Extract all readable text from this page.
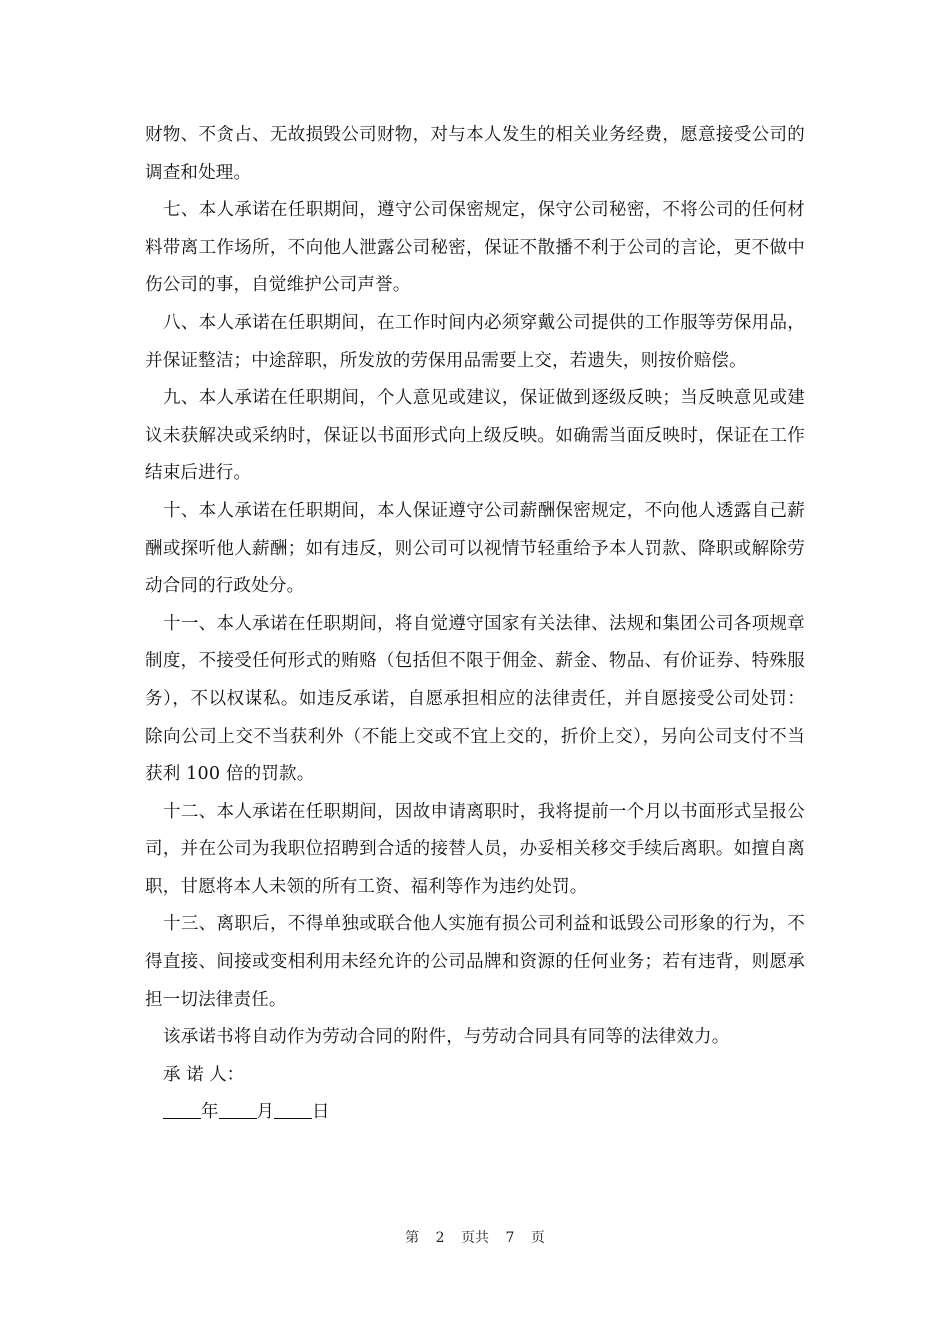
财物、不贪占、无故损毁公司财物，对与本人发生的相关业务经费，愿意接受公司的调查和处理。

七、本人承诺在任职期间，遵守公司保密规定，保守公司秘密，不将公司的任何材料带离工作场所，不向他人泄露公司秘密，保证不散播不利于公司的言论，更不做中伤公司的事，自觉维护公司声誉。

八、本人承诺在任职期间，在工作时间内必须穿戴公司提供的工作服等劳保用品，并保证整洁；中途辞职，所发放的劳保用品需要上交，若遗失，则按价赔偿。

九、本人承诺在任职期间，个人意见或建议，保证做到逐级反映；当反映意见或建议未获解决或采纳时，保证以书面形式向上级反映。如确需当面反映时，保证在工作结束后进行。

十、本人承诺在任职期间，本人保证遵守公司薪酬保密规定，不向他人透露自己薪酬或探听他人薪酬；如有违反，则公司可以视情节轻重给予本人罚款、降职或解除劳动合同的行政处分。

十一、本人承诺在任职期间，将自觉遵守国家有关法律、法规和集团公司各项规章制度，不接受任何形式的贿赂（包括但不限于佣金、薪金、物品、有价证券、特殊服务），不以权谋私。如违反承诺，自愿承担相应的法律责任，并自愿接受公司处罚：除向公司上交不当获利外（不能上交或不宜上交的，折价上交），另向公司支付不当获利 100 倍的罚款。

十二、本人承诺在任职期间，因故申请离职时，我将提前一个月以书面形式呈报公司，并在公司为我职位招聘到合适的接替人员，办妥相关移交手续后离职。如擅自离职，甘愿将本人未领的所有工资、福利等作为违约处罚。

十三、离职后，不得单独或联合他人实施有损公司利益和诋毁公司形象的行为，不得直接、间接或变相利用未经允许的公司品牌和资源的任何业务；若有违背，则愿承担一切法律责任。

该承诺书将自动作为劳动合同的附件，与劳动合同具有同等的法律效力。

承 诺 人：

年 月 日

第 2 页共 7 页
